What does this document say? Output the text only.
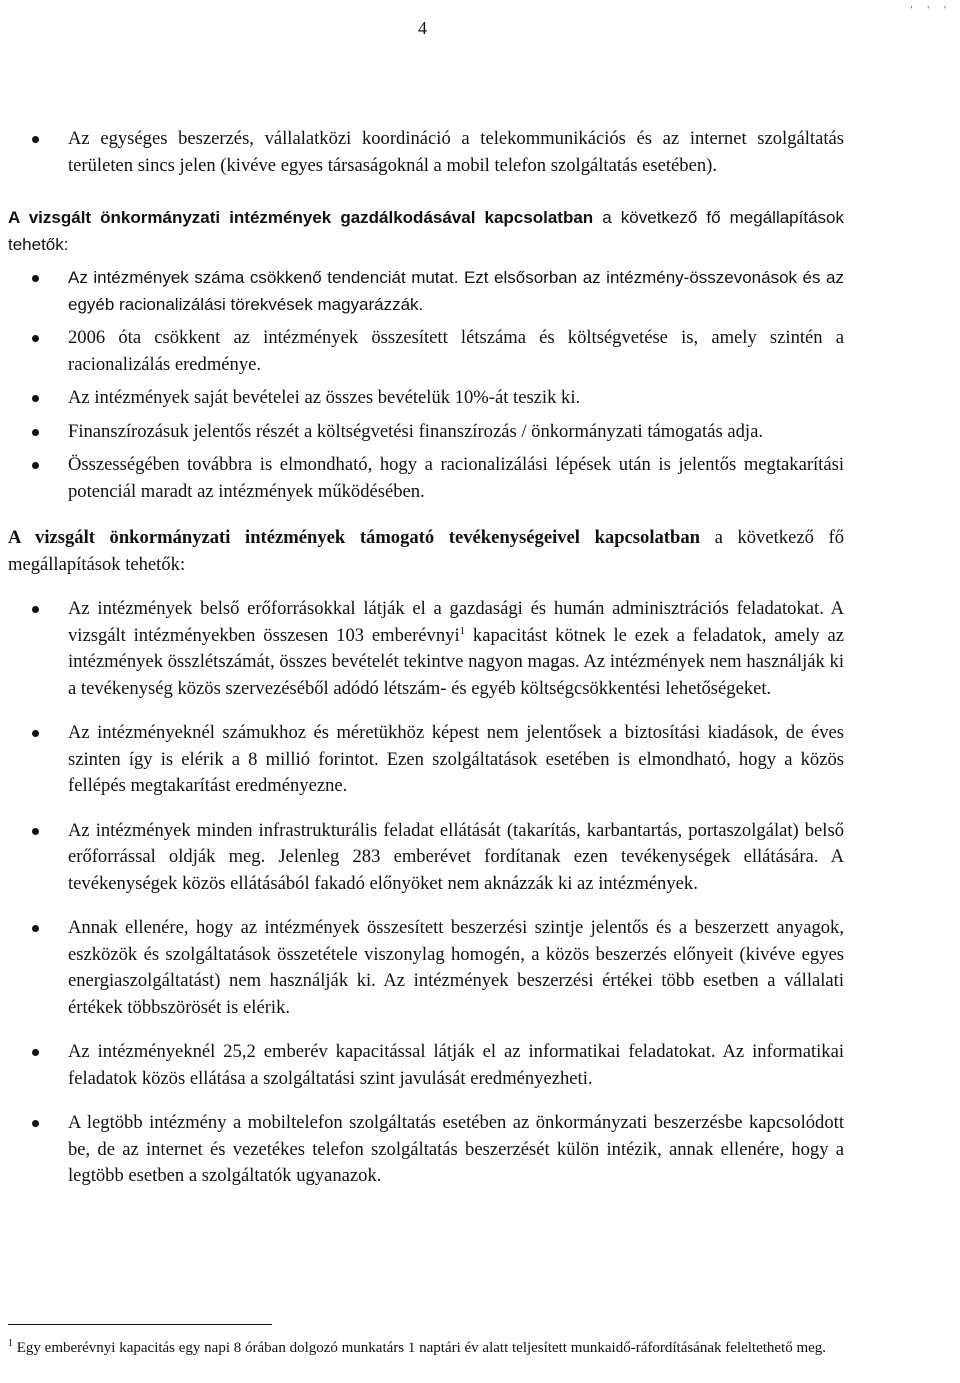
4
' ' '
Az egységes beszerzés, vállalatközi koordináció a telekommunikációs és az internet szolgáltatás területen sincs jelen (kivéve egyes társaságoknál a mobil telefon szolgáltatás esetében).

A vizsgált önkormányzati intézmények gazdálkodásával kapcsolatban a következő fő megállapítások tehetők:

Az intézmények száma csökkenő tendenciát mutat. Ezt elsősorban az intézmény-összevonások és az egyéb racionalizálási törekvések magyarázzák.
2006 óta csökkent az intézmények összesített létszáma és költségvetése is, amely szintén a racionalizálás eredménye.
Az intézmények saját bevételei az összes bevételük 10%-át teszik ki.
Finanszírozásuk jelentős részét a költségvetési finanszírozás / önkormányzati támogatás adja.
Összességében továbbra is elmondható, hogy a racionalizálási lépések után is jelentős megtakarítási potenciál maradt az intézmények működésében.

A vizsgált önkormányzati intézmények támogató tevékenységeivel kapcsolatban a következő fő megállapítások tehetők:

Az intézmények belső erőforrásokkal látják el a gazdasági és humán adminisztrációs feladatokat. A vizsgált intézményekben összesen 103 emberévnyi$^1$ kapacitást kötnek le ezek a feladatok, amely az intézmények összlétszámát, összes bevételét tekintve nagyon magas. Az intézmények nem használják ki a tevékenység közös szervezéséből adódó létszám- és egyéb költségcsökkentési lehetőségeket.
Az intézményeknél számukhoz és méretükhöz képest nem jelentősek a biztosítási kiadások, de éves szinten így is elérik a 8 millió forintot. Ezen szolgáltatások esetében is elmondható, hogy a közös fellépés megtakarítást eredményezne.
Az intézmények minden infrastrukturális feladat ellátását (takarítás, karbantartás, portaszolgálat) belső erőforrással oldják meg. Jelenleg 283 emberévet fordítanak ezen tevékenységek ellátására. A tevékenységek közös ellátásából fakadó előnyöket nem aknázzák ki az intézmények.
Annak ellenére, hogy az intézmények összesített beszerzési szintje jelentős és a beszerzett anyagok, eszközök és szolgáltatások összetétele viszonylag homogén, a közös beszerzés előnyeit (kivéve egyes energiaszolgáltatást) nem használják ki. Az intézmények beszerzési értékei több esetben a vállalati értékek többszörösét is elérik.
Az intézményeknél 25,2 emberév kapacitással látják el az informatikai feladatokat. Az informatikai feladatok közös ellátása a szolgáltatási szint javulását eredményezheti.
A legtöbb intézmény a mobiltelefon szolgáltatás esetében az önkormányzati beszerzésbe kapcsolódott be, de az internet és vezetékes telefon szolgáltatás beszerzését külön intézik, annak ellenére, hogy a legtöbb esetben a szolgáltatók ugyanazok.
$^1$ Egy emberévnyi kapacitás egy napi 8 órában dolgozó munkatárs 1 naptári év alatt teljesített munkaidő-ráfordításának feleltethető meg.
